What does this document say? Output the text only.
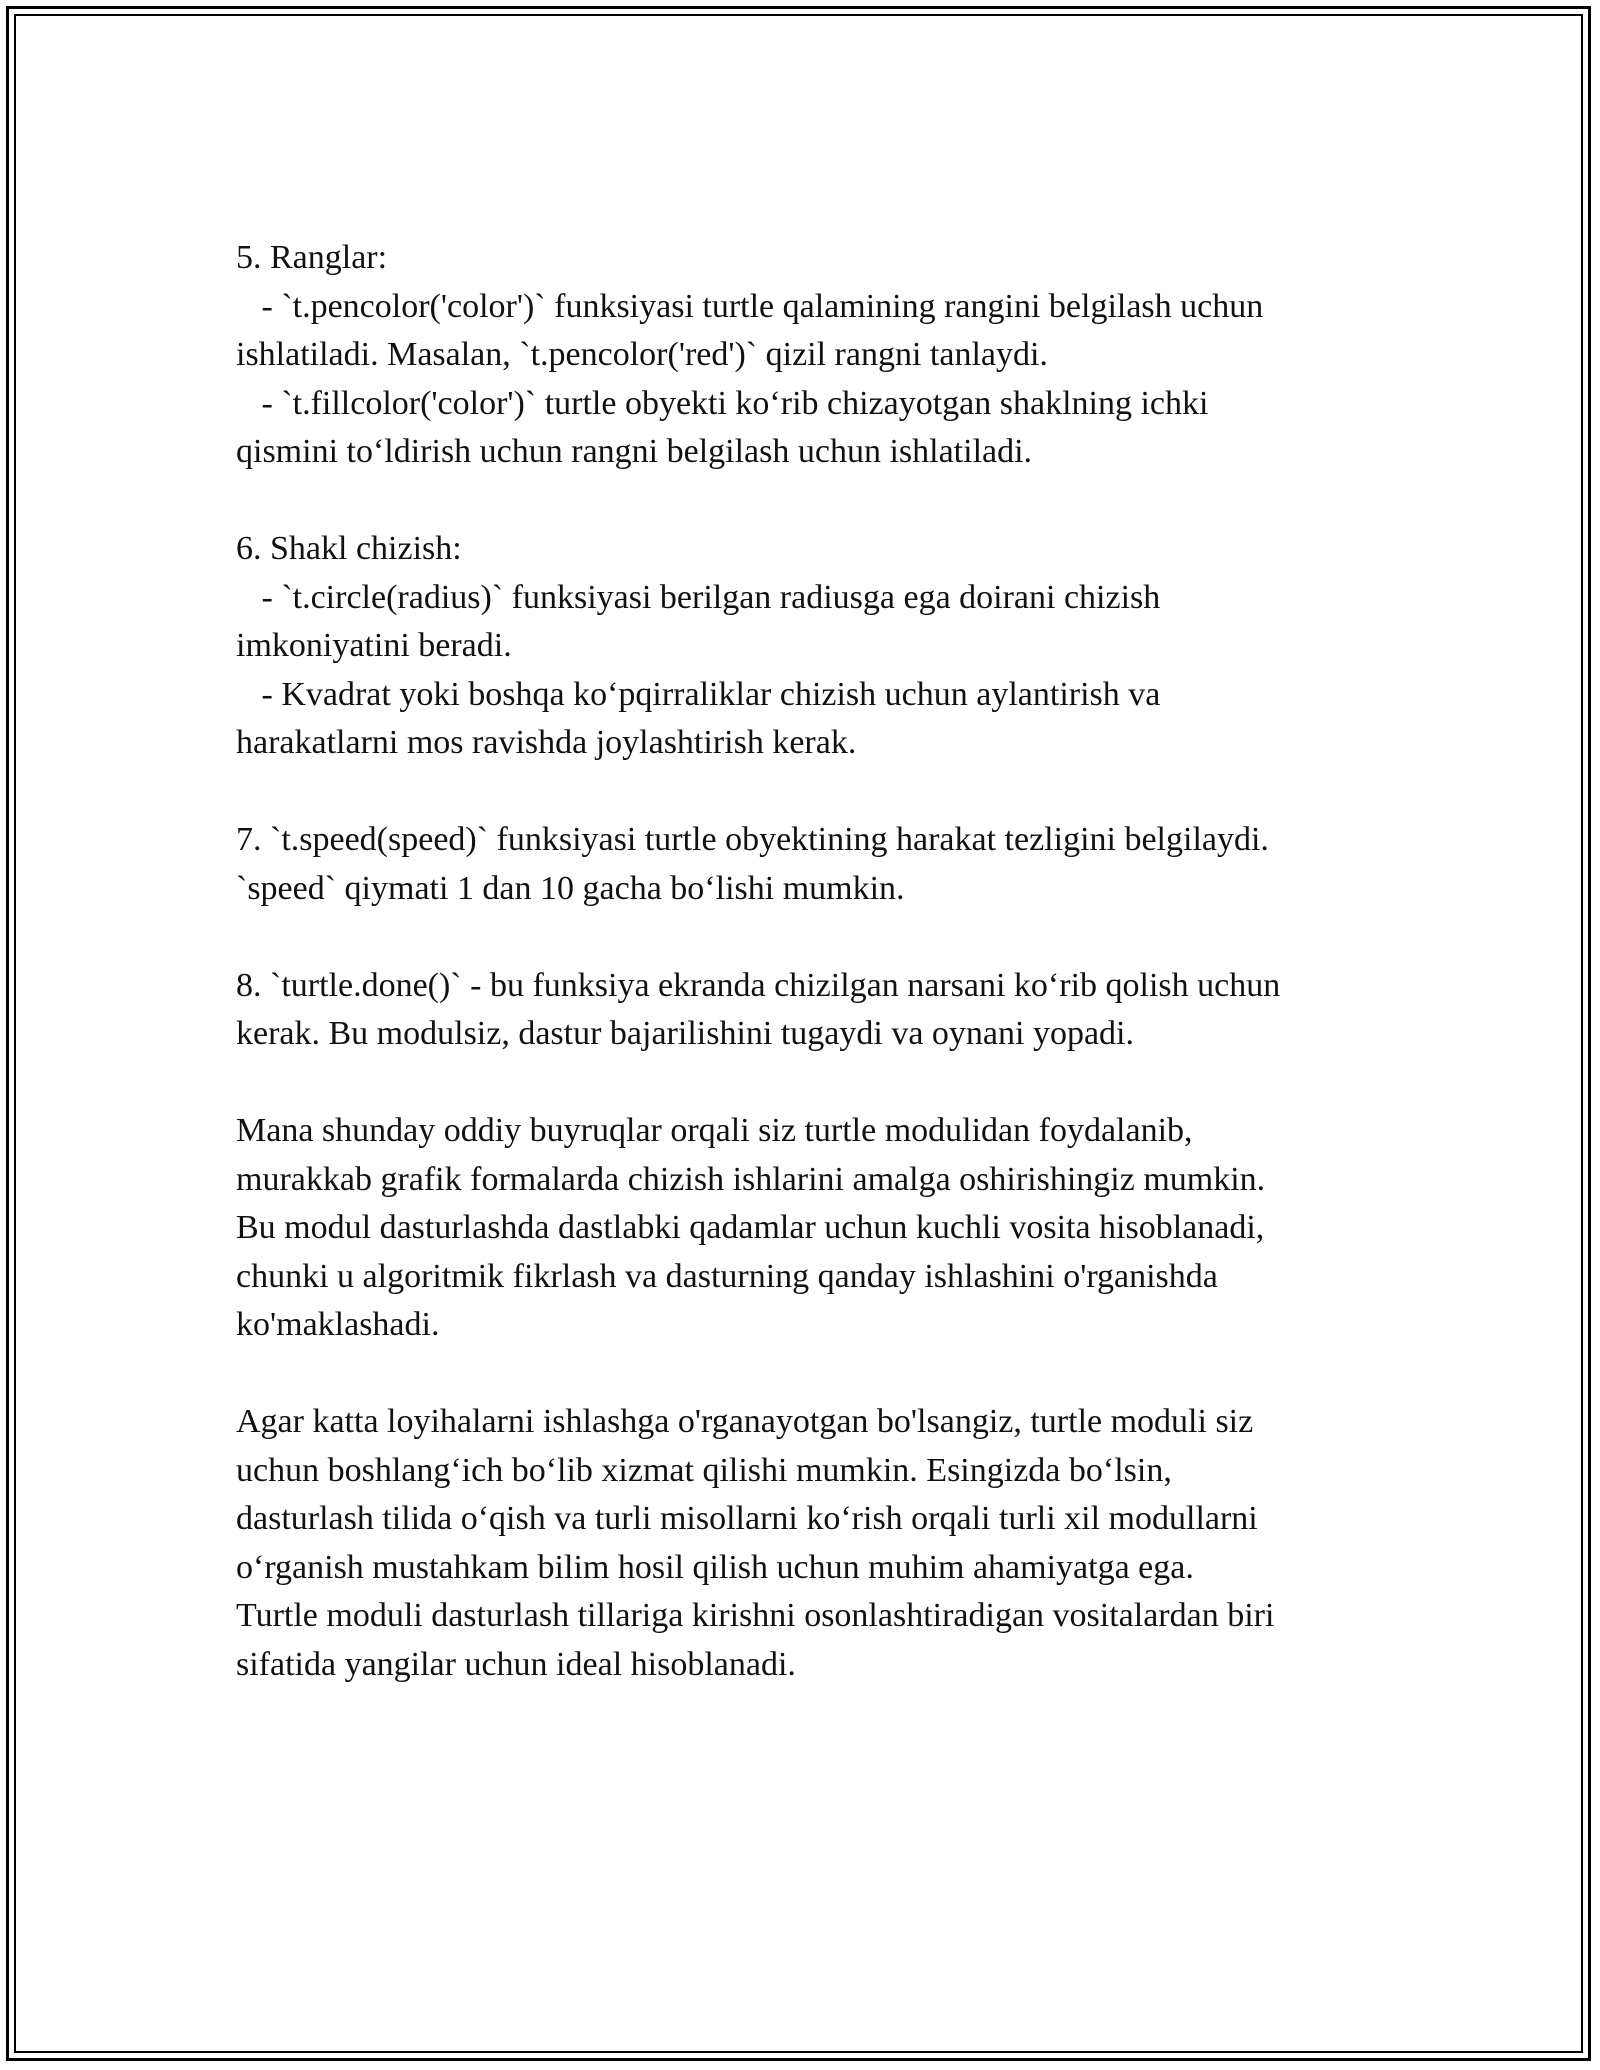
5. Ranglar:
- `t.pencolor('color')` funksiyasi turtle qalamining rangini belgilash uchun
ishlatiladi. Masalan, `t.pencolor('red')` qizil rangni tanlaydi.
- `t.fillcolor('color')` turtle obyekti ko‘rib chizayotgan shaklning ichki
qismini to‘ldirish uchun rangni belgilash uchun ishlatiladi.
6. Shakl chizish:
- `t.circle(radius)` funksiyasi berilgan radiusga ega doirani chizish
imkoniyatini beradi.
- Kvadrat yoki boshqa ko‘pqirraliklar chizish uchun aylantirish va
harakatlarni mos ravishda joylashtirish kerak.
7. `t.speed(speed)` funksiyasi turtle obyektining harakat tezligini belgilaydi.
`speed` qiymati 1 dan 10 gacha bo‘lishi mumkin.
8. `turtle.done()` - bu funksiya ekranda chizilgan narsani ko‘rib qolish uchun
kerak. Bu modulsiz, dastur bajarilishini tugaydi va oynani yopadi.
Mana shunday oddiy buyruqlar orqali siz turtle modulidan foydalanib,
murakkab grafik formalarda chizish ishlarini amalga oshirishingiz mumkin.
Bu modul dasturlashda dastlabki qadamlar uchun kuchli vosita hisoblanadi,
chunki u algoritmik fikrlash va dasturning qanday ishlashini o'rganishda
ko'maklashadi.
Agar katta loyihalarni ishlashga o'rganayotgan bo'lsangiz, turtle moduli siz
uchun boshlang‘ich bo‘lib xizmat qilishi mumkin. Esingizda bo‘lsin,
dasturlash tilida o‘qish va turli misollarni ko‘rish orqali turli xil modullarni
o‘rganish mustahkam bilim hosil qilish uchun muhim ahamiyatga ega.
Turtle moduli dasturlash tillariga kirishni osonlashtiradigan vositalardan biri
sifatida yangilar uchun ideal hisoblanadi.
